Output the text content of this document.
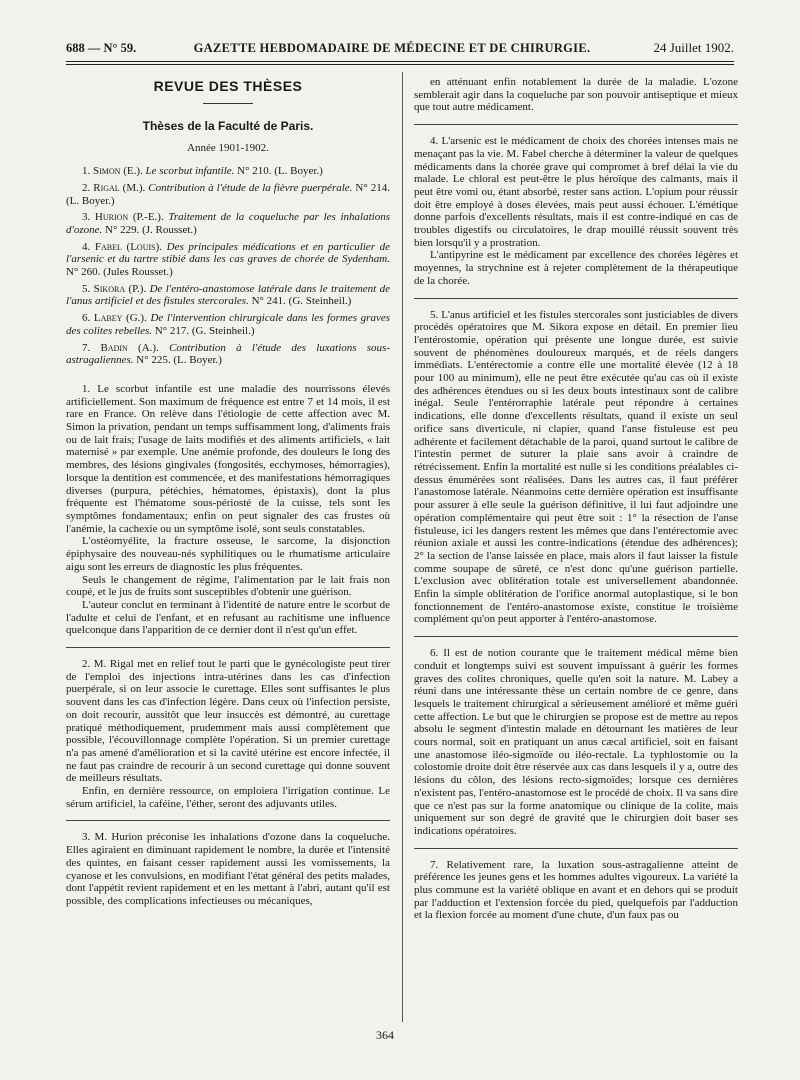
688 — N° 59.	GAZETTE HEBDOMADAIRE DE MÉDECINE ET DE CHIRURGIE.	24 Juillet 1902.
REVUE DES THÈSES
Thèses de la Faculté de Paris.
Année 1901-1902.

1. Simon (E.). Le scorbut infantile. N° 210. (L. Boyer.)

2. Rigal (M.). Contribution à l'étude de la fièvre puerpérale. N° 214. (L. Boyer.)

3. Hurion (P.-E.). Traitement de la coqueluche par les inhalations d'ozone. N° 229. (J. Rousset.)

4. Fabel (Louis). Des principales médications et en particulier de l'arsenic et du tartre stibié dans les cas graves de chorée de Sydenham. N° 260. (Jules Rousset.)

5. Sikora (P.). De l'entéro-anastomose latérale dans le traitement de l'anus artificiel et des fistules stercorales. N° 241. (G. Steinheil.)

6. Labey (G.). De l'intervention chirurgicale dans les formes graves des colites rebelles. N° 217. (G. Steinheil.)

7. Badin (A.). Contribution à l'étude des luxations sous-astragaliennes. N° 225. (L. Boyer.)

1. Le scorbut infantile est une maladie des nourrissons élevés artificiellement. Son maximum de fréquence est entre 7 et 14 mois, il est rare en France. On relève dans l'étiologie de cette affection avec M. Simon la privation, pendant un temps suffisamment long, d'aliments frais ou de lait frais; l'usage de laits modifiés et des aliments artificiels, « lait maternisé » par exemple. Une anémie profonde, des douleurs le long des membres, des lésions gingivales (fongosités, ecchymoses, hémorragies), lorsque la dentition est commencée, et des manifestations hémorragiques diverses (purpura, pétéchies, hématomes, épistaxis), dont la plus fréquente est l'hématome sous-périosté de la cuisse, tels sont les symptômes fondamentaux; enfin on peut signaler des cas frustes où l'anémie, la cachexie ou un symptôme isolé, sont seuls constatables.

L'ostéomyélite, la fracture osseuse, le sarcome, la disjonction épiphysaire des nouveau-nés syphilitiques ou le rhumatisme articulaire aigu sont les erreurs de diagnostic les plus fréquentes.

Seuls le changement de régime, l'alimentation par le lait frais non coupé, et le jus de fruits sont susceptibles d'obtenir une guérison.

L'auteur conclut en terminant à l'identité de nature entre le scorbut de l'adulte et celui de l'enfant, et en refusant au rachitisme une influence quelconque dans l'apparition de ce dernier dont il n'est qu'un effet.

2. M. Rigal met en relief tout le parti que le gynécologiste peut tirer de l'emploi des injections intra-utérines dans les cas d'infection puerpérale, si on leur associe le curettage. Elles sont suffisantes le plus souvent dans les cas d'infection légère. Dans ceux où l'infection persiste, on doit recourir, aussitôt que leur insuccès est démontré, au curettage pratiqué méthodiquement, prudemment mais aussi complètement que possible, l'écouvillonnage complète l'opération. Si un premier curettage n'a pas amené d'amélioration et si la cavité utérine est encore infectée, il ne faut pas craindre de recourir à un second curettage qui donne souvent de meilleurs résultats.

Enfin, en dernière ressource, on emploiera l'irrigation continue. Le sérum artificiel, la caféine, l'éther, seront des adjuvants utiles.

3. M. Hurion préconise les inhalations d'ozone dans la coqueluche. Elles agiraient en diminuant rapidement le nombre, la durée et l'intensité des quintes, en faisant cesser rapidement aussi les vomissements, la cyanose et les convulsions, en modifiant l'état général des petits malades, dont l'appétit revient rapidement et en les mettant à l'abri, autant qu'il est possible, des complications infectieuses ou mécaniques,

en atténuant enfin notablement la durée de la maladie. L'ozone semblerait agir dans la coqueluche par son pouvoir antiseptique et mieux que tout autre médicament.

4. L'arsenic est le médicament de choix des chorées intenses mais ne menaçant pas la vie. M. Fabel cherche à déterminer la valeur de quelques médicaments dans la chorée grave qui compromet à bref délai la vie du malade. Le chloral est peut-être le plus héroïque des calmants, mais il peut être vomi ou, étant absorbé, rester sans action. L'opium pour réussir doit être employé à doses élevées, mais peut aussi échouer. L'émétique donne parfois d'excellents résultats, mais il est contre-indiqué en cas de troubles digestifs ou circulatoires, le drap mouillé réussit souvent très bien lorsqu'il y a prostration.

L'antipyrine est le médicament par excellence des chorées légères et moyennes, la strychnine est à rejeter complètement de la thérapeutique de la chorée.

5. L'anus artificiel et les fistules stercorales sont justiciables de divers procédés opératoires que M. Sikora expose en détail. En premier lieu l'entérostomie, opération qui présente une longue durée, est suivie souvent de phénomènes douloureux marqués, et de réels dangers immédiats. L'entérectomie a contre elle une mortalité élevée (12 à 18 pour 100 au minimum), elle ne peut être exécutée qu'au cas où il existe des adhérences étendues ou si les deux bouts intestinaux sont de calibre inégal. Seule l'entérorraphie latérale peut répondre à certaines indications, elle donne d'excellents résultats, quand il existe un seul orifice sans diverticule, ni clapier, quand l'anse fistuleuse est peu adhérente et facilement détachable de la paroi, quand surtout le calibre de l'intestin permet de suturer la plaie sans avoir à craindre de rétrécissement. Enfin la mortalité est nulle si les conditions préalables ci-dessus énumérées sont réalisées. Dans les autres cas, il faut préférer l'anastomose latérale. Néanmoins cette dernière opération est insuffisante pour assurer à elle seule la guérison définitive, il lui faut adjoindre une opération complémentaire qui peut être soit : 1° la résection de l'anse fistuleuse, ici les dangers restent les mêmes que dans l'entérectomie avec réunion axiale et aussi les contre-indications (étendue des adhérences); 2° la section de l'anse laissée en place, mais alors il faut laisser la fistule comme soupape de sûreté, ce n'est donc qu'une guérison partielle. L'exclusion avec oblitération totale est universellement abandonnée. Enfin la simple oblitération de l'orifice anormal autoplastique, si le bon fonctionnement de l'entéro-anastomose existe, constitue le troisième complément qu'on peut apporter à l'entéro-anastomose.

6. Il est de notion courante que le traitement médical même bien conduit et longtemps suivi est souvent impuissant à guérir les formes graves des colites chroniques, quelle qu'en soit la nature. M. Labey a réuni dans une intéressante thèse un certain nombre de ce genre, dans lesquels le traitement chirurgical a sérieusement amélioré et même guéri cette affection. Le but que le chirurgien se propose est de mettre au repos absolu le segment d'intestin malade en détournant les matières de leur cours normal, soit en pratiquant un anus cæcal artificiel, soit en faisant une anastomose iléo-sigmoïde ou iléo-rectale. La typhlostomie ou la colostomie droite doit être réservée aux cas dans lesquels il y a, outre des lésions du côlon, des lésions recto-sigmoïdes; lorsque ces dernières n'existent pas, l'entéro-anastomose est le procédé de choix. Il va sans dire que ce n'est pas sur la forme anatomique ou clinique de la colite, mais uniquement sur son degré de gravité que le chirurgien doit baser ses indications opératoires.

7. Relativement rare, la luxation sous-astragalienne atteint de préférence les jeunes gens et les hommes adultes vigoureux. La variété la plus commune est la variété oblique en avant et en dehors qui se produit par l'adduction et l'extension forcée du pied, quelquefois par l'adduction et la flexion forcée au moment d'une chute, d'un faux pas ou

364
